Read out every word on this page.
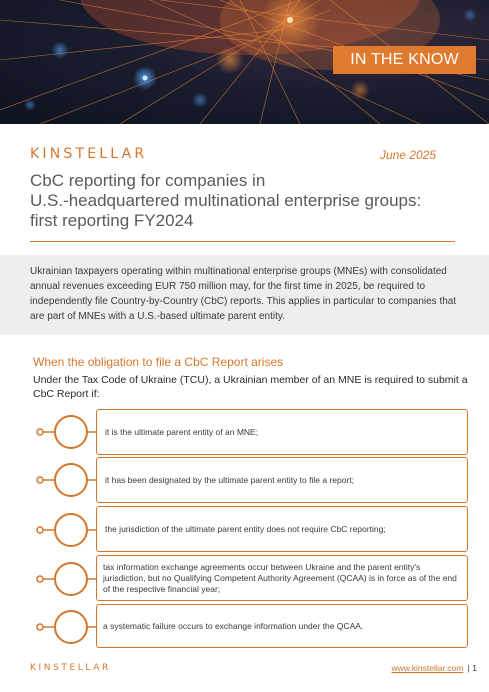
IN THE KNOW
KINSTELLAR	June 2025
CbC reporting for companies in
U.S.-headquartered multinational enterprise groups:
first reporting FY2024

Ukrainian taxpayers operating within multinational enterprise groups (MNEs) with consolidated annual revenues exceeding EUR 750 million may, for the first time in 2025, be required to independently file Country-by-Country (CbC) reports. This applies in particular to companies that are part of MNEs with a U.S.-based ultimate parent entity.

When the obligation to file a CbC Report arises
Under the Tax Code of Ukraine (TCU), a Ukrainian member of an MNE is required to submit a CbC Report if:
it is the ultimate parent entity of an MNE;
it has been designated by the ultimate parent entity to file a report;
the jurisdiction of the ultimate parent entity does not require CbC reporting;
tax information exchange agreements occur between Ukraine and the parent entity's jurisdiction, but no Qualifying Competent Authority Agreement (QCAA) is in force as of the end of the respective financial year;
a systematic failure occurs to exchange information under the QCAA.
KINSTELLAR	www.kinstellar.com | 1
